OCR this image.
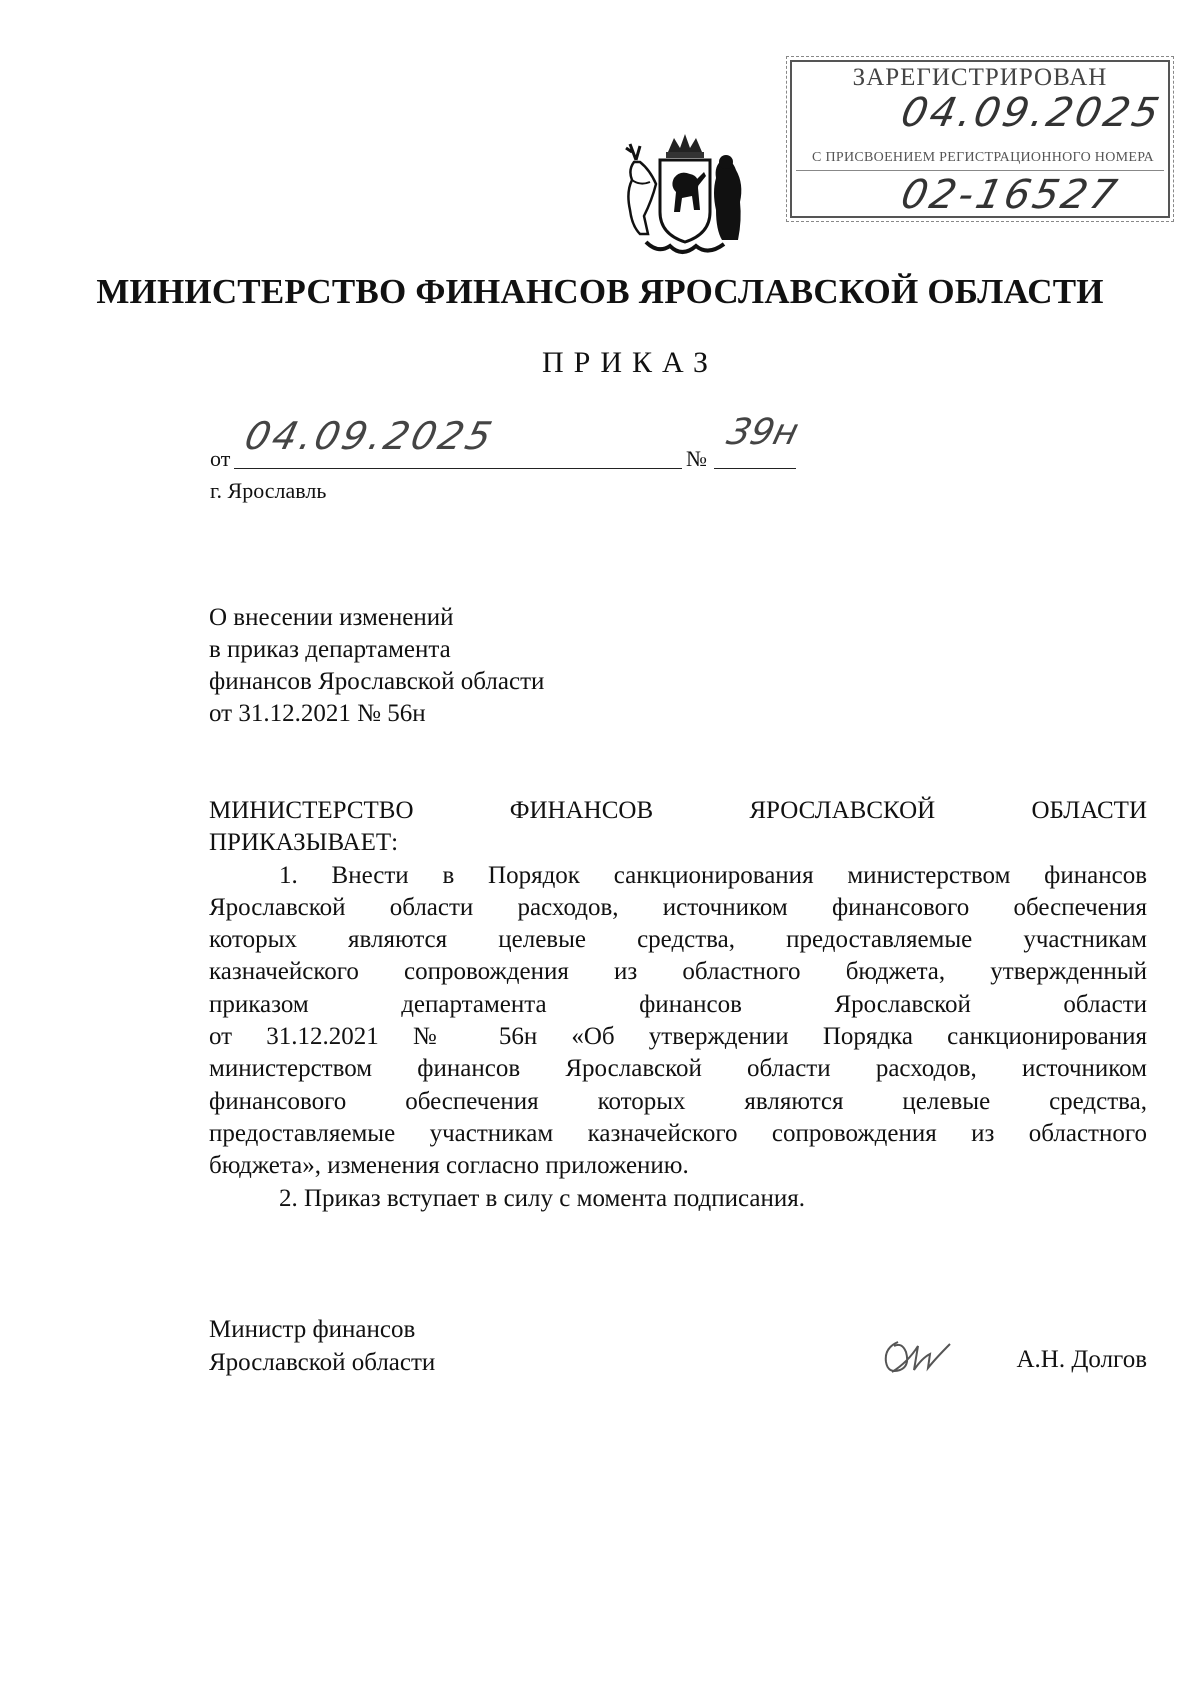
ЗАРЕГИСТРИРОВАН
04.09.2025
С ПРИСВОЕНИЕМ РЕГИСТРАЦИОННОГО НОМЕРА
02-16527
МИНИСТЕРСТВО ФИНАНСОВ ЯРОСЛАВСКОЙ ОБЛАСТИ
ПРИКАЗ
от
04.09.2025
№
39н
г. Ярославль
О внесении изменений
в приказ департамента
финансов Ярославской области
от 31.12.2021 № 56н
МИНИСТЕРСТВО ФИНАНСОВ ЯРОСЛАВСКОЙ ОБЛАСТИ
ПРИКАЗЫВАЕТ:
1. Внести в Порядок санкционирования министерством финансов
Ярославской области расходов, источником финансового обеспечения
которых являются целевые средства, предоставляемые участникам
казначейского сопровождения из областного бюджета, утвержденный
приказом департамента финансов Ярославской области
от 31.12.2021 № 56н «Об утверждении Порядка санкционирования
министерством финансов Ярославской области расходов, источником
финансового обеспечения которых являются целевые средства,
предоставляемые участникам казначейского сопровождения из областного
бюджета», изменения согласно приложению.
2. Приказ вступает в силу с момента подписания.
Министр финансов
Ярославской области	А.Н. Долгов
